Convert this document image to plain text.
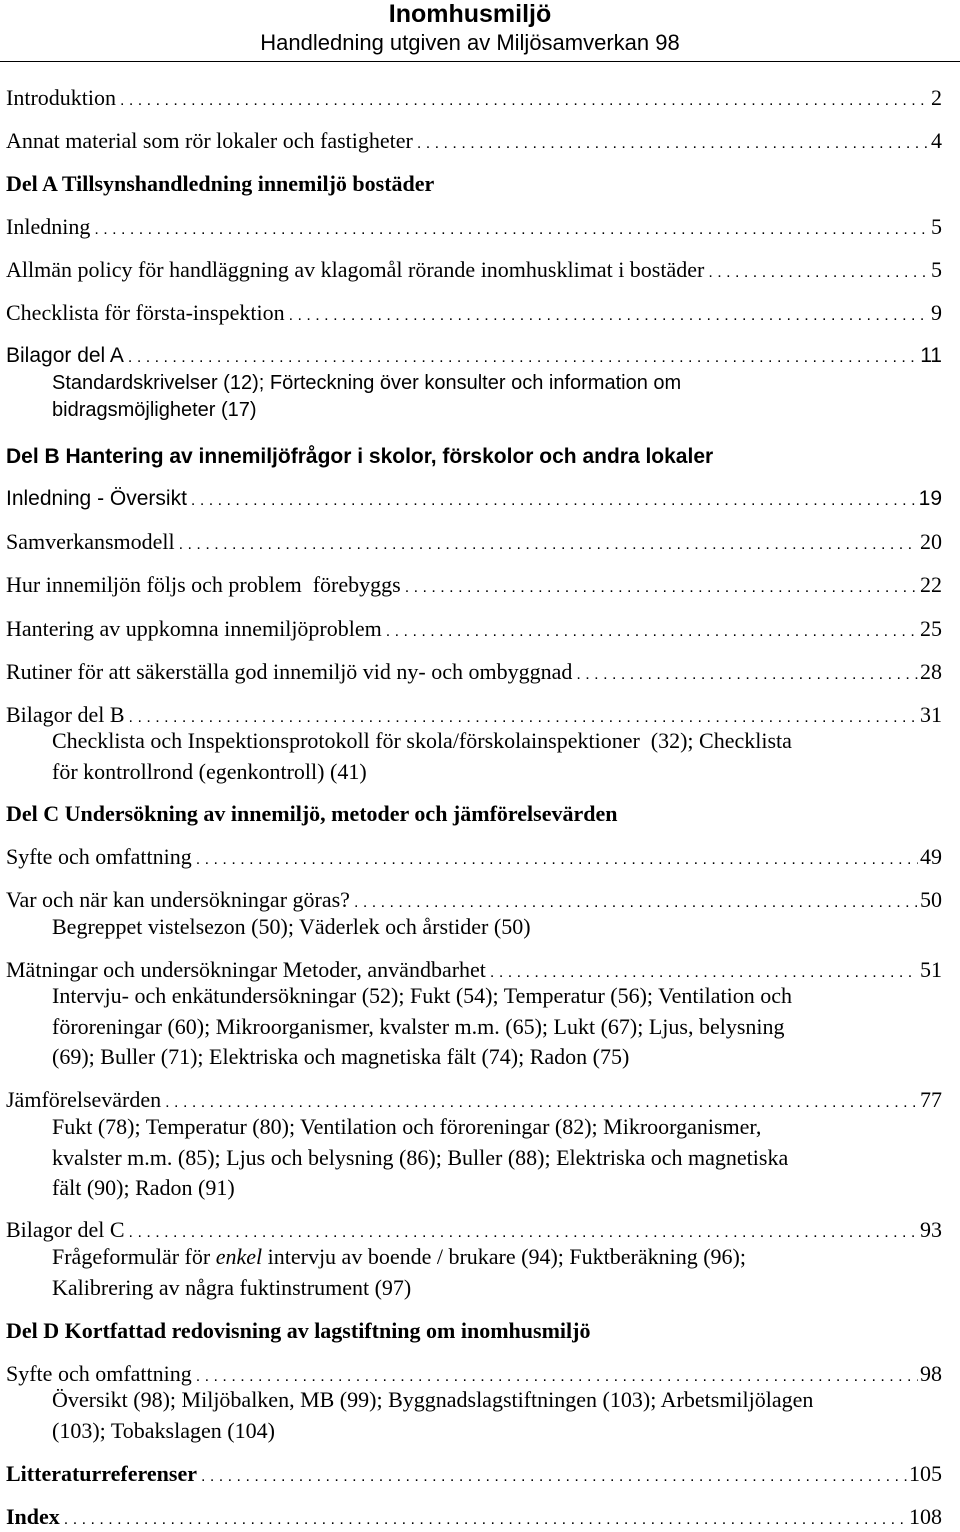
Inomhusmiljö
Handledning utgiven av Miljösamverkan 98
Introduktion . . .	2
Annat material som rör lokaler och fastigheter . . .	4
Del A Tillsynshandledning innemiljö bostäder
Inledning . . .	5
Allmän policy för handläggning av klagomål rörande inomhusklimat i bostäder . . .	5
Checklista för första-inspektion . . .	9
Bilagor del A . . .	11
Standardskrivelser (12); Förteckning över konsulter och information om
bidragsmöjligheter (17)
Del B Hantering av innemiljöfrågor i skolor, förskolor och andra lokaler
Inledning - Översikt . . .	19
Samverkansmodell . . .	20
Hur innemiljön följs och problem  förebyggs . . .	22
Hantering av uppkomna innemiljöproblem . . .	25
Rutiner för att säkerställa god innemiljö vid ny- och ombyggnad . . .	28
Bilagor del B . . .	31
Checklista och Inspektionsprotokoll för skola/förskolainspektioner  (32); Checklista
för kontrollrond (egenkontroll) (41)
Del C Undersökning av innemiljö, metoder och jämförelsevärden
Syfte och omfattning . . .	49
Var och när kan undersökningar göras? . . .	50
Begreppet vistelsezon (50); Väderlek och årstider (50)
Mätningar och undersökningar Metoder, användbarhet . . .	51
Intervju- och enkätundersökningar (52); Fukt (54); Temperatur (56); Ventilation och
föroreningar (60); Mikroorganismer, kvalster m.m. (65); Lukt (67); Ljus, belysning
(69); Buller (71); Elektriska och magnetiska fält (74); Radon (75)
Jämförelsevärden . . .	77
Fukt (78); Temperatur (80); Ventilation och föroreningar (82); Mikroorganismer,
kvalster m.m. (85); Ljus och belysning (86); Buller (88); Elektriska och magnetiska
fält (90); Radon (91)
Bilagor del C . . .	93
Frågeformulär för enkel intervju av boende / brukare (94); Fuktberäkning (96);
Kalibrering av några fuktinstrument (97)
Del D Kortfattad redovisning av lagstiftning om inomhusmiljö
Syfte och omfattning . . .	98
Översikt (98); Miljöbalken, MB (99); Byggnadslagstiftningen (103); Arbetsmiljölagen
(103); Tobakslagen (104)
Litteraturreferenser . . .	105
Index . . .	108
